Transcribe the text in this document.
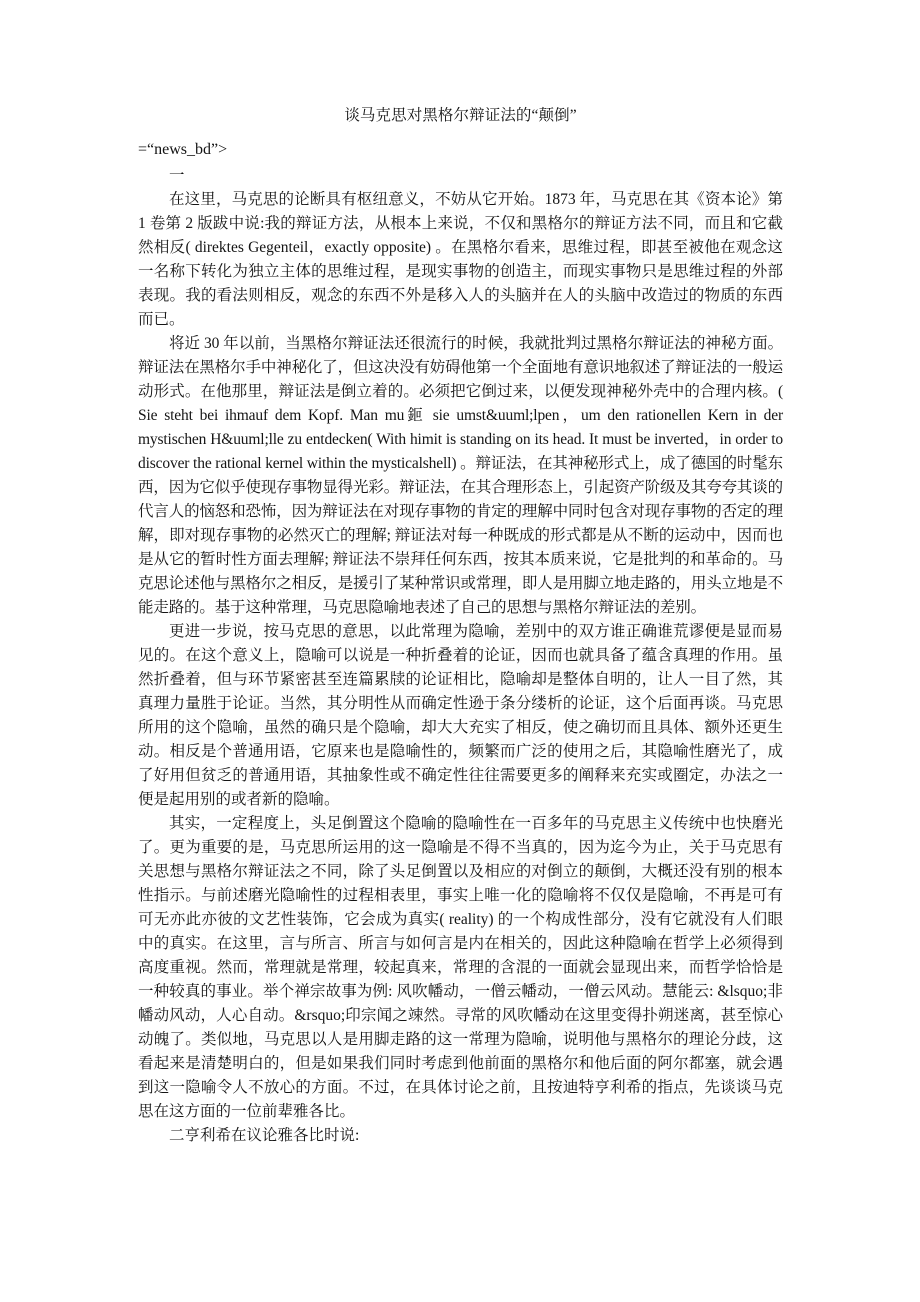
谈马克思对黑格尔辩证法的“颠倒”
=“news_bd”>
一

在这里，马克思的论断具有枢纽意义，不妨从它开始。1873 年，马克思在其《资本论》第 1 卷第 2 版跋中说:我的辩证方法，从根本上来说，不仅和黑格尔的辩证方法不同，而且和它截然相反( direktes Gegenteil，exactly opposite) 。在黑格尔看来，思维过程，即甚至被他在观念这一名称下转化为独立主体的思维过程，是现实事物的创造主，而现实事物只是思维过程的外部表现。我的看法则相反，观念的东西不外是移入人的头脑并在人的头脑中改造过的物质的东西而已。

将近 30 年以前，当黑格尔辩证法还很流行的时候，我就批判过黑格尔辩证法的神秘方面。辩证法在黑格尔手中神秘化了，但这决没有妨碍他第一个全面地有意识地叙述了辩证法的一般运动形式。在他那里，辩证法是倒立着的。必须把它倒过来，以便发现神秘外壳中的合理内核。( Sie steht bei ihmauf dem Kopf. Man mu鉕 sie umst&uuml;lpen，um den rationellen Kern in der mystischen H&uuml;lle zu entdecken( With himit is standing on its head. It must be inverted，in order to discover the rational kernel within the mysticalshell) 。辩证法，在其神秘形式上，成了德国的时髦东西，因为它似乎使现存事物显得光彩。辩证法，在其合理形态上，引起资产阶级及其夸夸其谈的代言人的恼怒和恐怖，因为辩证法在对现存事物的肯定的理解中同时包含对现存事物的否定的理解，即对现存事物的必然灭亡的理解; 辩证法对每一种既成的形式都是从不断的运动中，因而也是从它的暂时性方面去理解; 辩证法不崇拜任何东西，按其本质来说，它是批判的和革命的。马克思论述他与黑格尔之相反，是援引了某种常识或常理，即人是用脚立地走路的，用头立地是不能走路的。基于这种常理，马克思隐喻地表述了自己的思想与黑格尔辩证法的差别。

更进一步说，按马克思的意思，以此常理为隐喻，差别中的双方谁正确谁荒谬便是显而易见的。在这个意义上，隐喻可以说是一种折叠着的论证，因而也就具备了蕴含真理的作用。虽然折叠着，但与环节紧密甚至连篇累牍的论证相比，隐喻却是整体自明的，让人一目了然，其真理力量胜于论证。当然，其分明性从而确定性逊于条分缕析的论证，这个后面再谈。马克思所用的这个隐喻，虽然的确只是个隐喻，却大大充实了相反，使之确切而且具体、额外还更生动。相反是个普通用语，它原来也是隐喻性的，频繁而广泛的使用之后，其隐喻性磨光了，成了好用但贫乏的普通用语，其抽象性或不确定性往往需要更多的阐释来充实或圈定，办法之一便是起用别的或者新的隐喻。

其实，一定程度上，头足倒置这个隐喻的隐喻性在一百多年的马克思主义传统中也快磨光了。更为重要的是，马克思所运用的这一隐喻是不得不当真的，因为迄今为止，关于马克思有关思想与黑格尔辩证法之不同，除了头足倒置以及相应的对倒立的颠倒，大概还没有别的根本性指示。与前述磨光隐喻性的过程相表里，事实上唯一化的隐喻将不仅仅是隐喻，不再是可有可无亦此亦彼的文艺性装饰，它会成为真实( reality) 的一个构成性部分，没有它就没有人们眼中的真实。在这里，言与所言、所言与如何言是内在相关的，因此这种隐喻在哲学上必须得到高度重视。然而，常理就是常理，较起真来，常理的含混的一面就会显现出来，而哲学恰恰是一种较真的事业。举个禅宗故事为例: 风吹幡动，一僧云幡动，一僧云风动。慧能云: &lsquo;非幡动风动，人心自动。&rsquo;印宗闻之竦然。寻常的风吹幡动在这里变得扑朔迷离，甚至惊心动魄了。类似地，马克思以人是用脚走路的这一常理为隐喻，说明他与黑格尔的理论分歧，这看起来是清楚明白的，但是如果我们同时考虑到他前面的黑格尔和他后面的阿尔都塞，就会遇到这一隐喻令人不放心的方面。不过，在具体讨论之前，且按迪特亨利希的指点，先谈谈马克思在这方面的一位前辈雅各比。

二亨利希在议论雅各比时说:
